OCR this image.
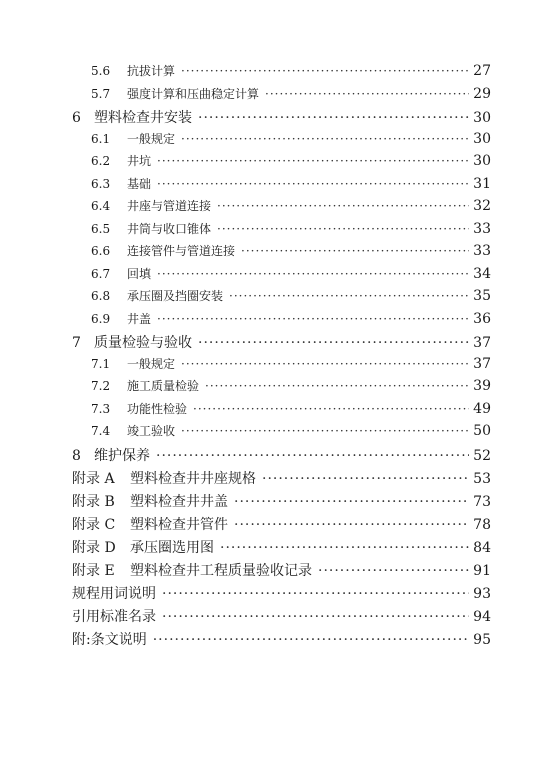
5.6	抗拔计算 ·····	27
5.7	强度计算和压曲稳定计算 ·····	29
6 塑料检查井安装 ·····	30
6.1	一般规定 ·····	30
6.2	井坑 ·····	30
6.3	基础 ·····	31
6.4	井座与管道连接 ·····	32
6.5	井筒与收口锥体 ·····	33
6.6	连接管件与管道连接 ·····	33
6.7	回填 ·····	34
6.8	承压圈及挡圈安装 ·····	35
6.9	井盖 ·····	36
7 质量检验与验收 ·····	37
7.1	一般规定 ·····	37
7.2	施工质量检验 ·····	39
7.3	功能性检验 ·····	49
7.4	竣工验收 ·····	50
8 维护保养 ·····	52
附录 A	塑料检查井井座规格 ·····	53
附录 B	塑料检查井井盖 ·····	73
附录 C	塑料检查井管件 ·····	78
附录 D	承压圈选用图 ·····	84
附录 E	塑料检查井工程质量验收记录 ·····	91
规程用词说明 ·····	93
引用标准名录 ·····	94
附:条文说明 ·····	95
